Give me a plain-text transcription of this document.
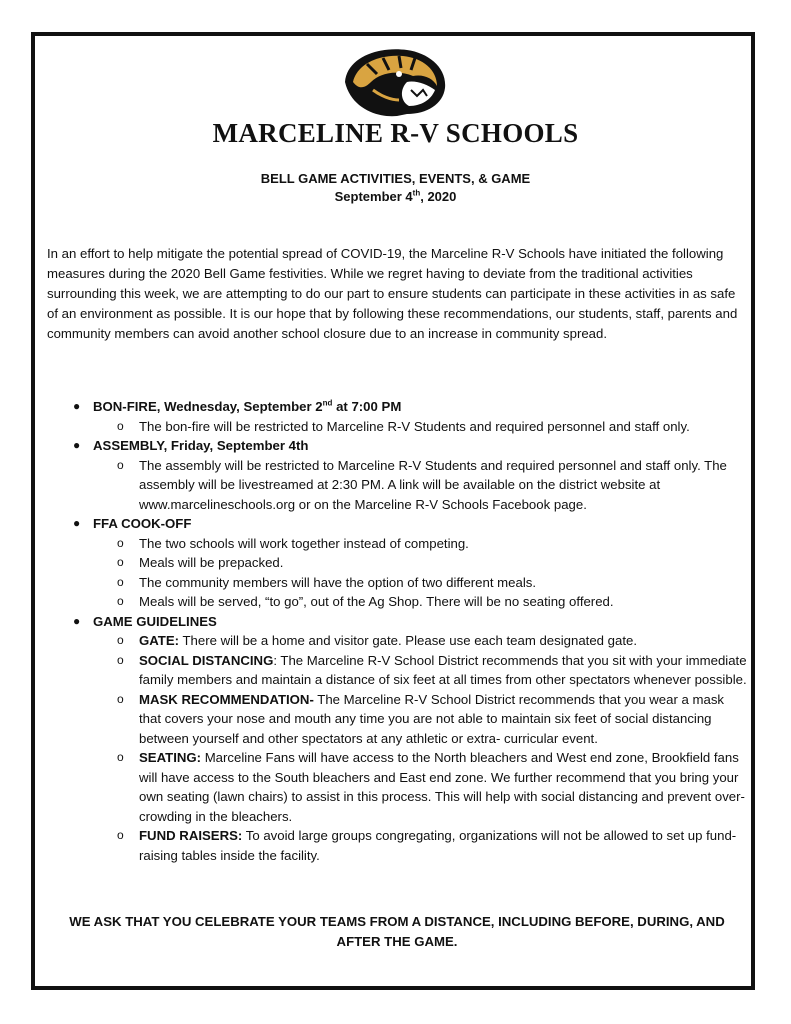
MARCELINE R-V SCHOOLS
BELL GAME ACTIVITIES, EVENTS, & GAME
September 4th, 2020

In an effort to help mitigate the potential spread of COVID-19, the Marceline R-V Schools have initiated the following measures during the 2020 Bell Game festivities. While we regret having to deviate from the traditional activities surrounding this week, we are attempting to do our part to ensure students can participate in these activities in as safe of an environment as possible. It is our hope that by following these recommendations, our students, staff, parents and community members can avoid another school closure due to an increase in community spread.

● BON-FIRE, Wednesday, September 2nd at 7:00 PM
o The bon-fire will be restricted to Marceline R-V Students and required personnel and staff only.
● ASSEMBLY, Friday, September 4th
o The assembly will be restricted to Marceline R-V Students and required personnel and staff only. The assembly will be livestreamed at 2:30 PM. A link will be available on the district website at www.marcelineschools.org or on the Marceline R-V Schools Facebook page.
● FFA COOK-OFF
o The two schools will work together instead of competing.
o Meals will be prepacked.
o The community members will have the option of two different meals.
o Meals will be served, “to go”, out of the Ag Shop. There will be no seating offered.
● GAME GUIDELINES
o GATE: There will be a home and visitor gate. Please use each team designated gate.
o SOCIAL DISTANCING: The Marceline R-V School District recommends that you sit with your immediate family members and maintain a distance of six feet at all times from other spectators whenever possible.
o MASK RECOMMENDATION- The Marceline R-V School District recommends that you wear a mask that covers your nose and mouth any time you are not able to maintain six feet of social distancing between yourself and other spectators at any athletic or extra- curricular event.
o SEATING: Marceline Fans will have access to the North bleachers and West end zone, Brookfield fans will have access to the South bleachers and East end zone. We further recommend that you bring your own seating (lawn chairs) to assist in this process. This will help with social distancing and prevent over-crowding in the bleachers.
o FUND RAISERS: To avoid large groups congregating, organizations will not be allowed to set up fund-raising tables inside the facility.

WE ASK THAT YOU CELEBRATE YOUR TEAMS FROM A DISTANCE, INCLUDING BEFORE, DURING, AND AFTER THE GAME.
